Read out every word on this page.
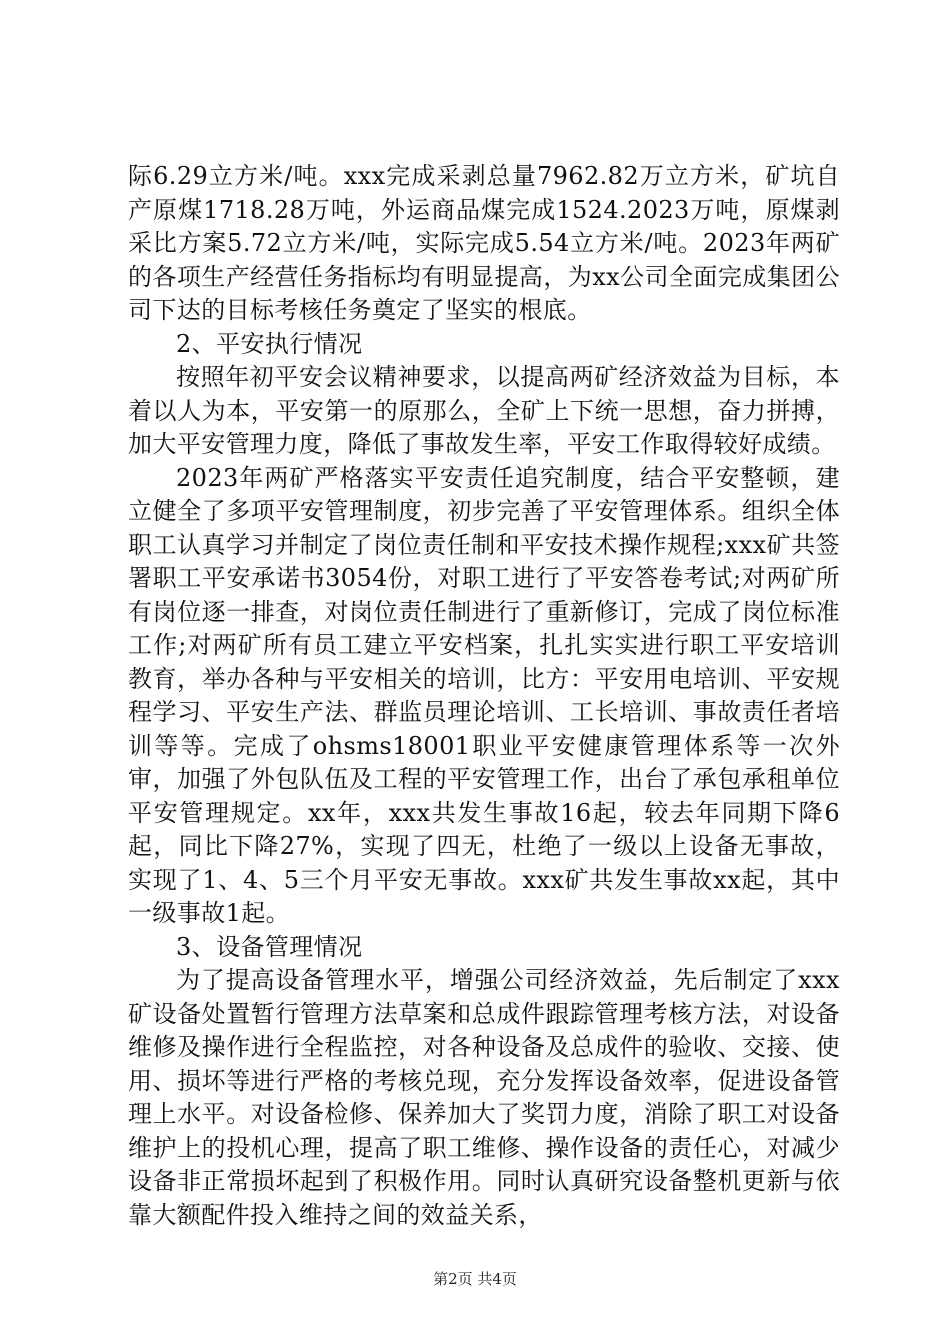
际6.29立方米/吨。xxx完成采剥总量7962.82万立方米，矿坑自产原煤1718.28万吨，外运商品煤完成1524.2023万吨，原煤剥采比方案5.72立方米/吨，实际完成5.54立方米/吨。2023年两矿的各项生产经营任务指标均有明显提高，为xx公司全面完成集团公司下达的目标考核任务奠定了坚实的根底。

2、平安执行情况

按照年初平安会议精神要求，以提高两矿经济效益为目标，本着以人为本，平安第一的原那么，全矿上下统一思想，奋力拼搏，加大平安管理力度，降低了事故发生率，平安工作取得较好成绩。

2023年两矿严格落实平安责任追究制度，结合平安整顿，建立健全了多项平安管理制度，初步完善了平安管理体系。组织全体职工认真学习并制定了岗位责任制和平安技术操作规程;xxx矿共签署职工平安承诺书3054份，对职工进行了平安答卷考试;对两矿所有岗位逐一排查，对岗位责任制进行了重新修订，完成了岗位标准工作;对两矿所有员工建立平安档案，扎扎实实进行职工平安培训教育，举办各种与平安相关的培训，比方：平安用电培训、平安规程学习、平安生产法、群监员理论培训、工长培训、事故责任者培训等等。完成了ohsms18001职业平安健康管理体系等一次外审，加强了外包队伍及工程的平安管理工作，出台了承包承租单位平安管理规定。xx年，xxx共发生事故16起，较去年同期下降6起，同比下降27%，实现了四无，杜绝了一级以上设备无事故，实现了1、4、5三个月平安无事故。xxx矿共发生事故xx起，其中一级事故1起。

3、设备管理情况

为了提高设备管理水平，增强公司经济效益，先后制定了xxx矿设备处置暂行管理方法草案和总成件跟踪管理考核方法，对设备维修及操作进行全程监控，对各种设备及总成件的验收、交接、使用、损坏等进行严格的考核兑现，充分发挥设备效率，促进设备管理上水平。对设备检修、保养加大了奖罚力度，消除了职工对设备维护上的投机心理，提高了职工维修、操作设备的责任心，对减少设备非正常损坏起到了积极作用。同时认真研究设备整机更新与依靠大额配件投入维持之间的效益关系，

第2页 共4页
